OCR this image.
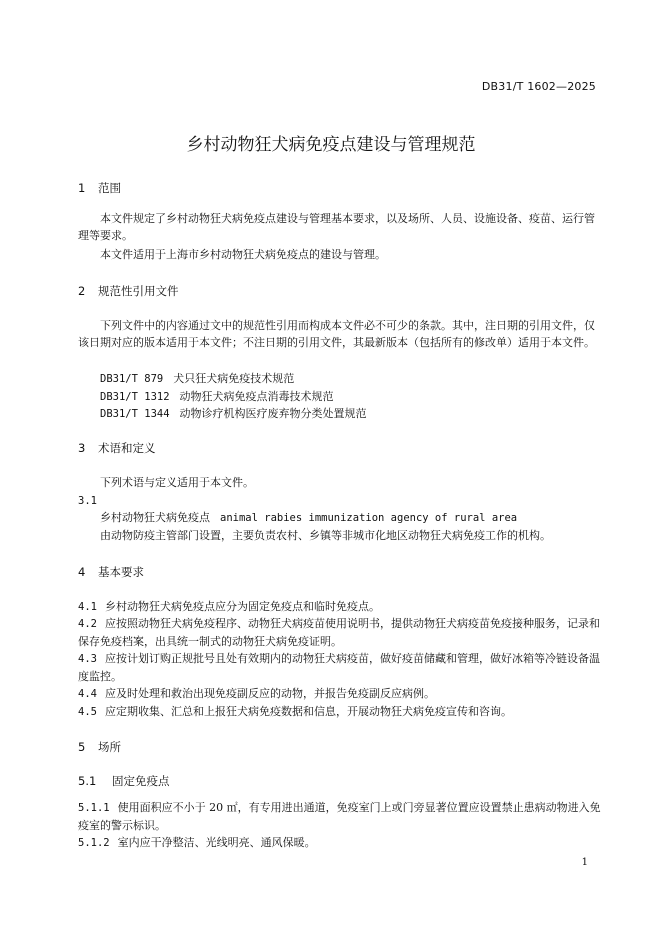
DB31/T 1602—2025
乡村动物狂犬病免疫点建设与管理规范
1 范围
本文件规定了乡村动物狂犬病免疫点建设与管理基本要求，以及场所、人员、设施设备、疫苗、运行管理等要求。
本文件适用于上海市乡村动物狂犬病免疫点的建设与管理。
2 规范性引用文件
下列文件中的内容通过文中的规范性引用而构成本文件必不可少的条款。其中，注日期的引用文件，仅该日期对应的版本适用于本文件；不注日期的引用文件，其最新版本（包括所有的修改单）适用于本文件。
DB31/T 879 犬只狂犬病免疫技术规范
DB31/T 1312 动物狂犬病免疫点消毒技术规范
DB31/T 1344 动物诊疗机构医疗废弃物分类处置规范
3 术语和定义
下列术语与定义适用于本文件。
3.1
乡村动物狂犬病免疫点 animal rabies immunization agency of rural area
由动物防疫主管部门设置，主要负责农村、乡镇等非城市化地区动物狂犬病免疫工作的机构。
4 基本要求
4.1 乡村动物狂犬病免疫点应分为固定免疫点和临时免疫点。
4.2 应按照动物狂犬病免疫程序、动物狂犬病疫苗使用说明书，提供动物狂犬病疫苗免疫接种服务，记录和保存免疫档案，出具统一制式的动物狂犬病免疫证明。
4.3 应按计划订购正规批号且处有效期内的动物狂犬病疫苗，做好疫苗储藏和管理，做好冰箱等冷链设备温度监控。
4.4 应及时处理和救治出现免疫副反应的动物，并报告免疫副反应病例。
4.5 应定期收集、汇总和上报狂犬病免疫数据和信息，开展动物狂犬病免疫宣传和咨询。
5 场所
5.1 固定免疫点
5.1.1 使用面积应不小于 20 ㎡，有专用进出通道，免疫室门上或门旁显著位置应设置禁止患病动物进入免疫室的警示标识。
5.1.2 室内应干净整洁、光线明亮、通风保暖。
1
